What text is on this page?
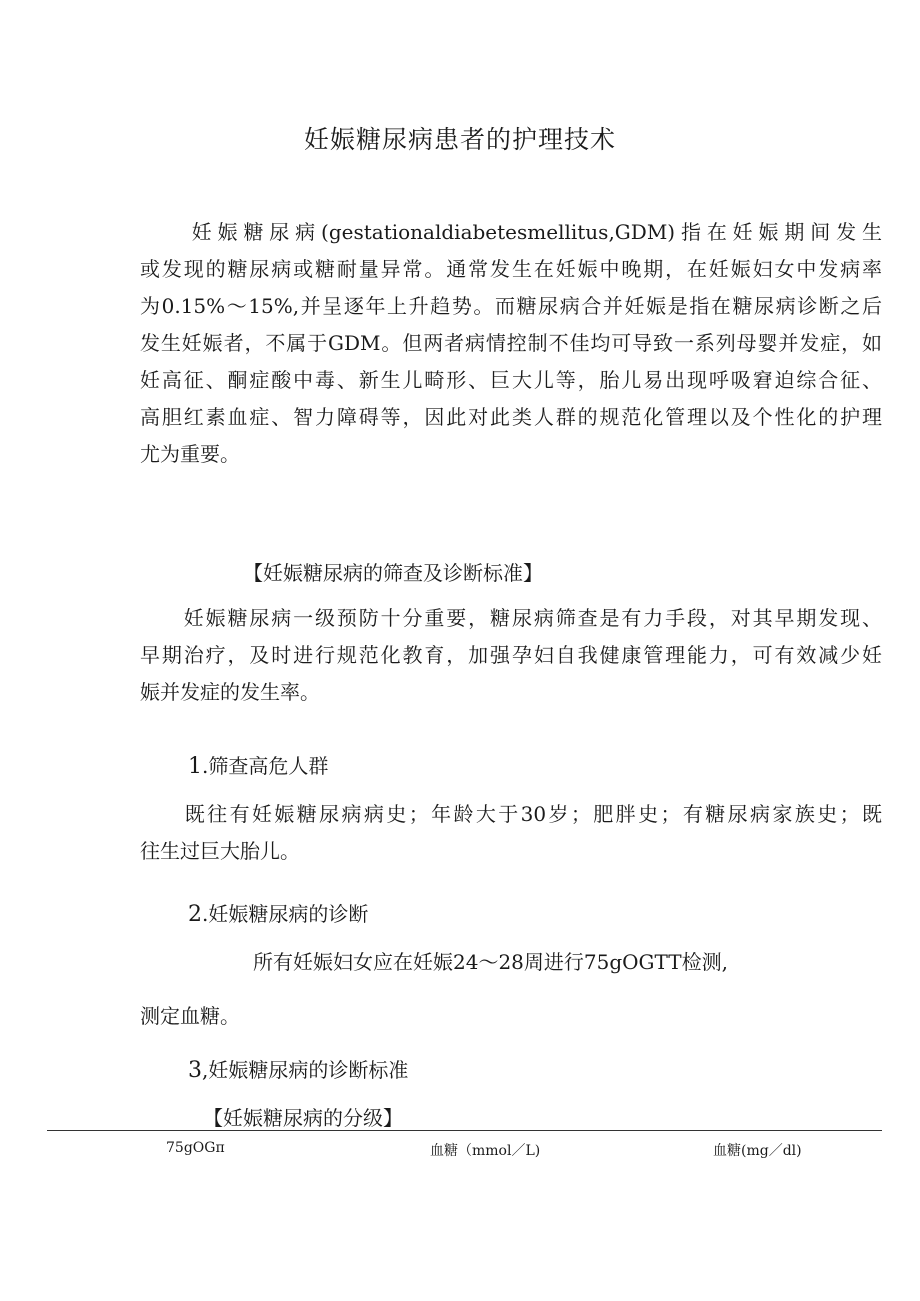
妊娠糖尿病患者的护理技术
　　妊娠糖尿病(gestationaldiabetesmellitus,GDM)指在妊娠期间发生
或发现的糖尿病或糖耐量异常。通常发生在妊娠中晚期，在妊娠妇女中发病率
为0.15%～15%,并呈逐年上升趋势。而糖尿病合并妊娠是指在糖尿病诊断之后
发生妊娠者，不属于GDM。但两者病情控制不佳均可导致一系列母婴并发症，如
妊高征、酮症酸中毒、新生儿畸形、巨大儿等，胎儿易出现呼吸窘迫综合征、
高胆红素血症、智力障碍等，因此对此类人群的规范化管理以及个性化的护理
尤为重要。
【妊娠糖尿病的筛查及诊断标准】
　　妊娠糖尿病一级预防十分重要，糖尿病筛查是有力手段，对其早期发现、
早期治疗，及时进行规范化教育，加强孕妇自我健康管理能力，可有效减少妊
娠并发症的发生率。
1.筛查高危人群
　　既往有妊娠糖尿病病史；年龄大于30岁；肥胖史；有糖尿病家族史；既
往生过巨大胎儿。
2.妊娠糖尿病的诊断
所有妊娠妇女应在妊娠24～28周进行75gOGTT检测,
测定血糖。
3,妊娠糖尿病的诊断标准
【妊娠糖尿病的分级】
75gOGπ	血糖（mmol／L)	血糖(mg／dl)
